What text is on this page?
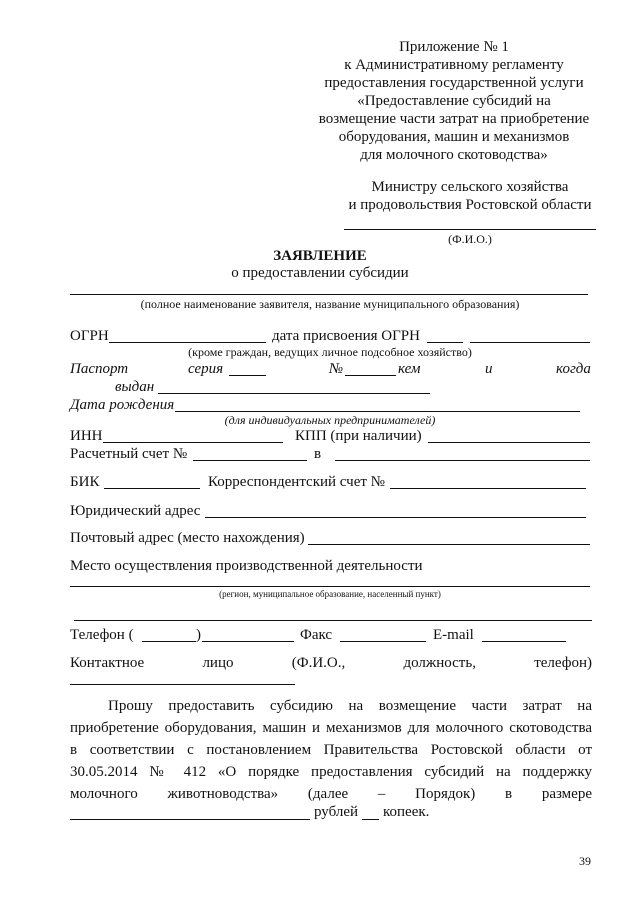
Приложение № 1
к Административному регламенту
предоставления государственной услуги
«Предоставление субсидий на
возмещение части затрат на приобретение
оборудования, машин и механизмов
для молочного скотоводства»
Министру сельского хозяйства
и продовольствия Ростовской области
(Ф.И.О.)
ЗАЯВЛЕНИЕ
о предоставлении субсидии
(полное наименование заявителя, название муниципального образования)
ОГРН	дата присвоения ОГРН
(кроме граждан, ведущих личное подсобное хозяйство)
Паспорт	серия	№	кем	и	когда
выдан
Дата рождения
(для индивидуальных предпринимателей)
ИНН	КПП (при наличии)
Расчетный счет №	в
БИК	Корреспондентский счет №
Юридический адрес
Почтовый адрес (место нахождения)
Место осуществления производственной деятельности
(регион, муниципальное образование, населенный пункт)
Телефон (	)	Факс	E-mail
Контактное	лицо	(Ф.И.О.,	должность,	телефон)
Прошу предоставить субсидию на возмещение части затрат на
приобретение оборудования, машин и механизмов для молочного скотоводства
в соответствии с постановлением Правительства Ростовской области от
30.05.2014 № 412 «О порядке предоставления субсидий на поддержку
молочного животноводства» (далее – Порядок) в размере
рублей копеек.
39
